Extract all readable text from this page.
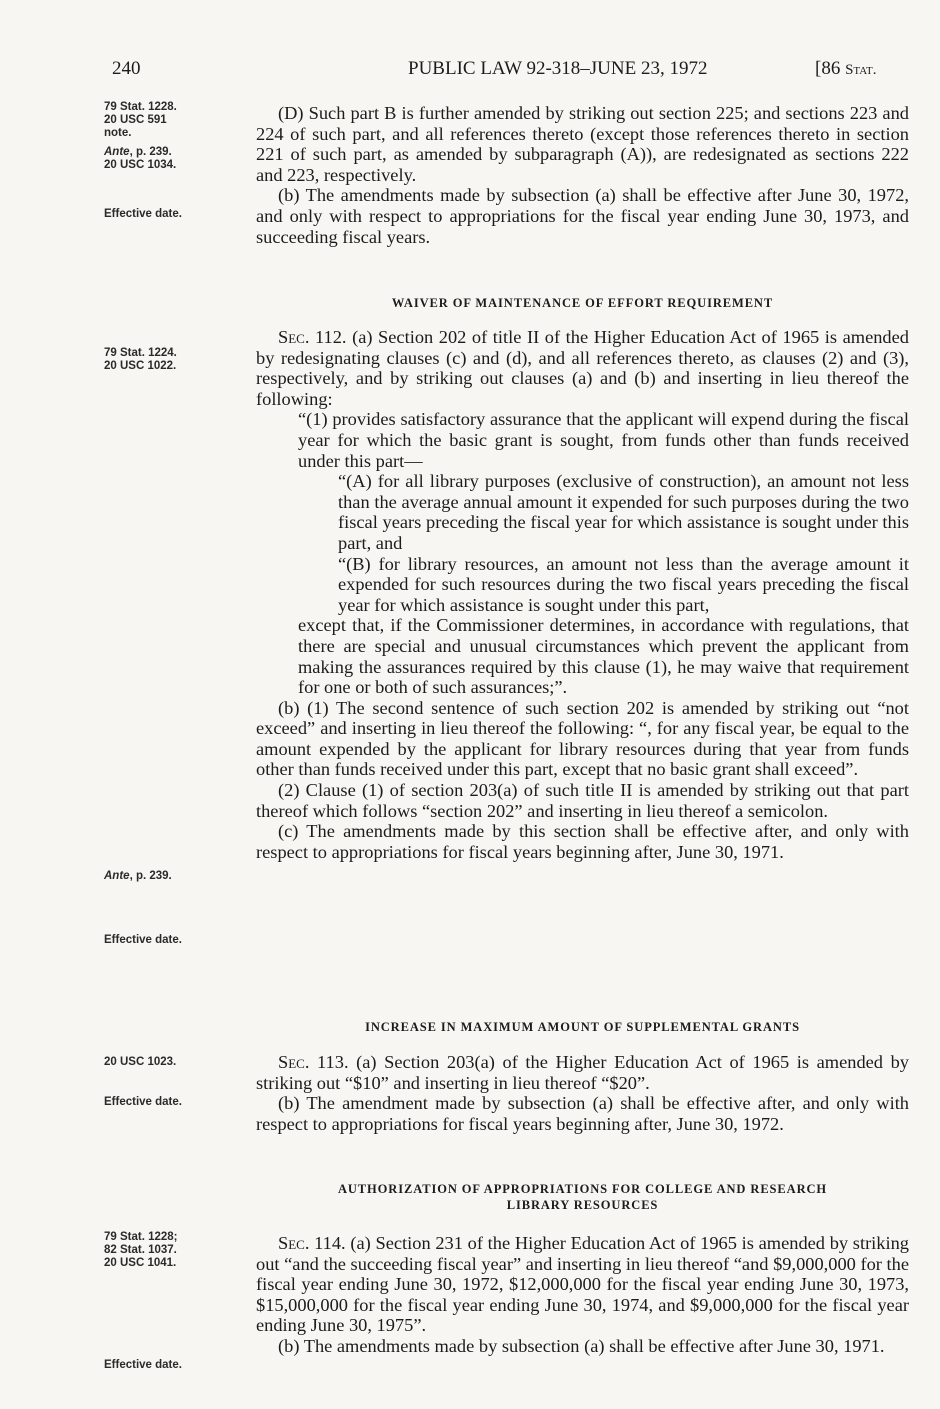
240	PUBLIC LAW 92-318–JUNE 23, 1972	[86 Stat.
79 Stat. 1228.
20 USC 591
note.
Ante, p. 239.
20 USC 1034.
Effective date.
79 Stat. 1224.
20 USC 1022.
Ante, p. 239.
Effective date.
20 USC 1023.
Effective date.
79 Stat. 1228;
82 Stat. 1037.
20 USC 1041.
Effective date.

(D) Such part B is further amended by striking out section 225; and sections 223 and 224 of such part, and all references thereto (except those references thereto in section 221 of such part, as amended by subparagraph (A)), are redesignated as sections 222 and 223, respectively.

(b) The amendments made by subsection (a) shall be effective after June 30, 1972, and only with respect to appropriations for the fiscal year ending June 30, 1973, and succeeding fiscal years.

WAIVER OF MAINTENANCE OF EFFORT REQUIREMENT

Sec. 112. (a) Section 202 of title II of the Higher Education Act of 1965 is amended by redesignating clauses (c) and (d), and all references thereto, as clauses (2) and (3), respectively, and by striking out clauses (a) and (b) and inserting in lieu thereof the following:

“(1) provides satisfactory assurance that the applicant will expend during the fiscal year for which the basic grant is sought, from funds other than funds received under this part—

“(A) for all library purposes (exclusive of construction), an amount not less than the average annual amount it expended for such purposes during the two fiscal years preceding the fiscal year for which assistance is sought under this part, and

“(B) for library resources, an amount not less than the average amount it expended for such resources during the two fiscal years preceding the fiscal year for which assistance is sought under this part,

except that, if the Commissioner determines, in accordance with regulations, that there are special and unusual circumstances which prevent the applicant from making the assurances required by this clause (1), he may waive that requirement for one or both of such assurances;”.

(b) (1) The second sentence of such section 202 is amended by striking out “not exceed” and inserting in lieu thereof the following: “, for any fiscal year, be equal to the amount expended by the applicant for library resources during that year from funds other than funds received under this part, except that no basic grant shall exceed”.

(2) Clause (1) of section 203(a) of such title II is amended by striking out that part thereof which follows “section 202” and inserting in lieu thereof a semicolon.

(c) The amendments made by this section shall be effective after, and only with respect to appropriations for fiscal years beginning after, June 30, 1971.

INCREASE IN MAXIMUM AMOUNT OF SUPPLEMENTAL GRANTS

Sec. 113. (a) Section 203(a) of the Higher Education Act of 1965 is amended by striking out “$10” and inserting in lieu thereof “$20”.

(b) The amendment made by subsection (a) shall be effective after, and only with respect to appropriations for fiscal years beginning after, June 30, 1972.

AUTHORIZATION OF APPROPRIATIONS FOR COLLEGE AND RESEARCH

LIBRARY RESOURCES

Sec. 114. (a) Section 231 of the Higher Education Act of 1965 is amended by striking out “and the succeeding fiscal year” and inserting in lieu thereof “and $9,000,000 for the fiscal year ending June 30, 1972, $12,000,000 for the fiscal year ending June 30, 1973, $15,000,000 for the fiscal year ending June 30, 1974, and $9,000,000 for the fiscal year ending June 30, 1975”.

(b) The amendments made by subsection (a) shall be effective after June 30, 1971.
